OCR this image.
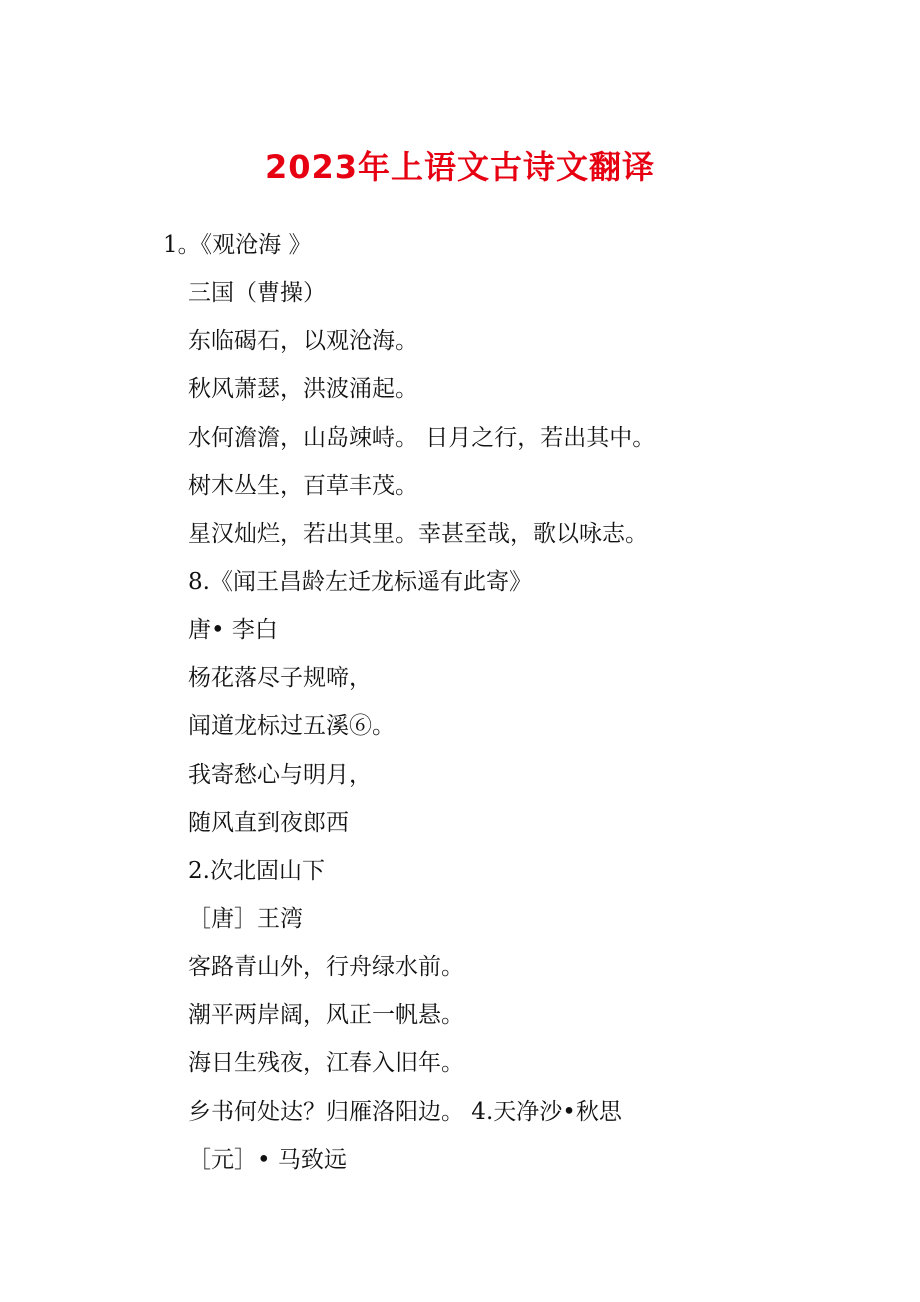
2023年上语文古诗文翻译

1。《观沧海 》

三国（曹操）

东临碣石，以观沧海。

秋风萧瑟，洪波涌起。

水何澹澹，山岛竦峙。 日月之行，若出其中。

树木丛生，百草丰茂。

星汉灿烂，若出其里。幸甚至哉，歌以咏志。

8.《闻王昌龄左迁龙标遥有此寄》

唐• 李白

杨花落尽子规啼，

闻道龙标过五溪⑥。

我寄愁心与明月，

随风直到夜郎西

2.次北固山下

［唐］王湾

客路青山外，行舟绿水前。

潮平两岸阔，风正一帆悬。

海日生残夜，江春入旧年。

乡书何处达？归雁洛阳边。 4.天净沙•秋思

［元］• 马致远
